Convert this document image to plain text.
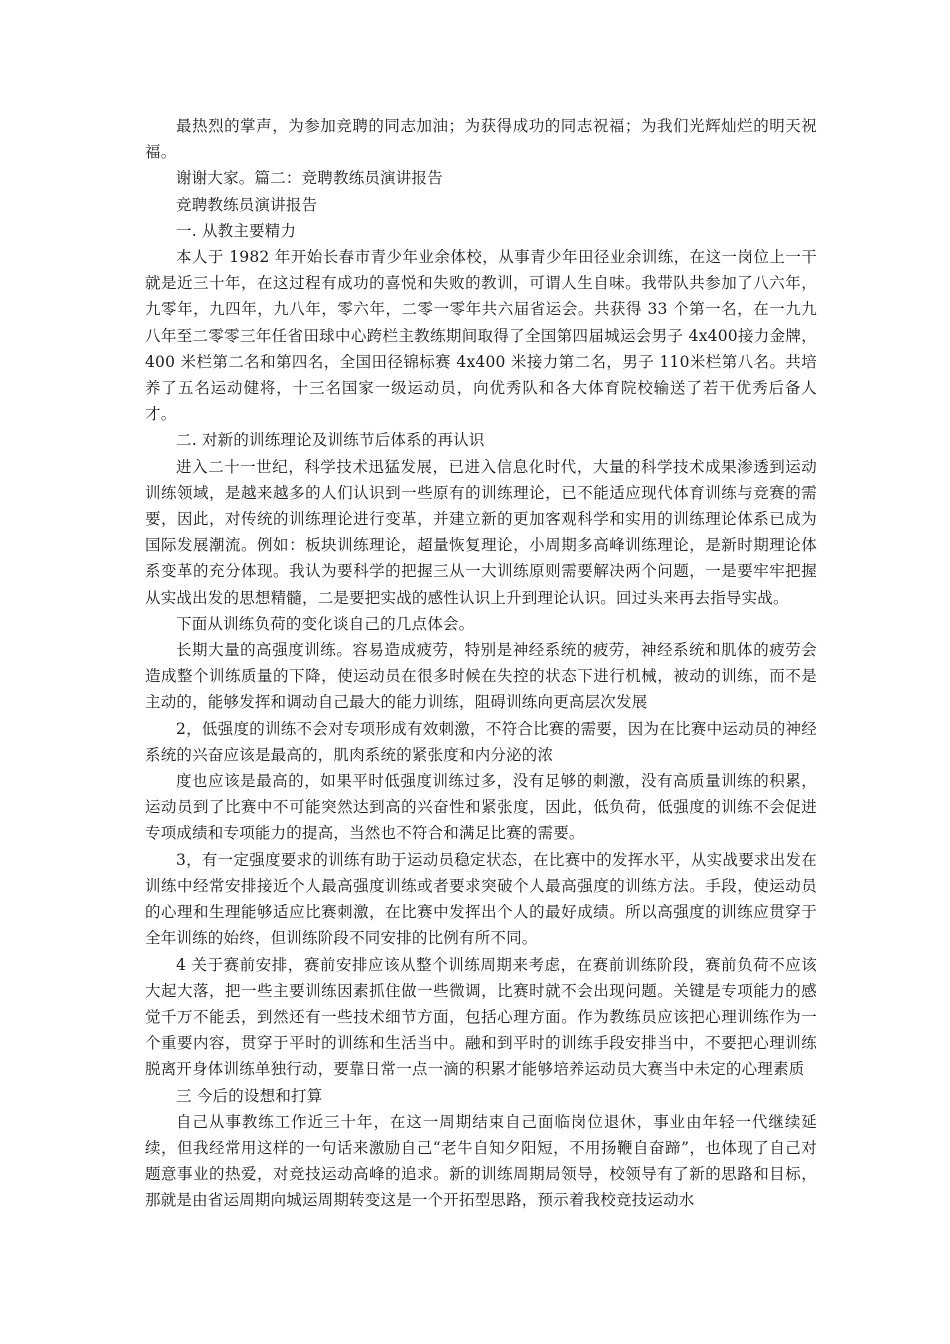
最热烈的掌声，为参加竞聘的同志加油；为获得成功的同志祝福；为我们光辉灿烂的明天祝福。

谢谢大家。篇二：竞聘教练员演讲报告

竞聘教练员演讲报告

一. 从教主要精力

本人于 1982 年开始长春市青少年业余体校，从事青少年田径业余训练，在这一岗位上一干就是近三十年，在这过程有成功的喜悦和失败的教训，可谓人生自味。我带队共参加了八六年，九零年，九四年，九八年，零六年，二零一零年共六届省运会。共获得 33 个第一名，在一九九八年至二零零三年任省田球中心跨栏主教练期间取得了全国第四届城运会男子 4x400接力金牌，400 米栏第二名和第四名，全国田径锦标赛 4x400 米接力第二名，男子 110米栏第八名。共培养了五名运动健将，十三名国家一级运动员，向优秀队和各大体育院校输送了若干优秀后备人才。

二. 对新的训练理论及训练节后体系的再认识

进入二十一世纪，科学技术迅猛发展，已进入信息化时代，大量的科学技术成果渗透到运动训练领域，是越来越多的人们认识到一些原有的训练理论，已不能适应现代体育训练与竞赛的需要，因此，对传统的训练理论进行变革，并建立新的更加客观科学和实用的训练理论体系已成为国际发展潮流。例如：板块训练理论，超量恢复理论，小周期多高峰训练理论，是新时期理论体系变革的充分体现。我认为要科学的把握三从一大训练原则需要解决两个问题，一是要牢牢把握从实战出发的思想精髓，二是要把实战的感性认识上升到理论认识。回过头来再去指导实战。

下面从训练负荷的变化谈自己的几点体会。

长期大量的高强度训练。容易造成疲劳，特别是神经系统的疲劳，神经系统和肌体的疲劳会造成整个训练质量的下降，使运动员在很多时候在失控的状态下进行机械，被动的训练，而不是主动的，能够发挥和调动自己最大的能力训练，阻碍训练向更高层次发展

2，低强度的训练不会对专项形成有效刺激，不符合比赛的需要，因为在比赛中运动员的神经系统的兴奋应该是最高的，肌肉系统的紧张度和内分泌的浓

度也应该是最高的，如果平时低强度训练过多，没有足够的刺激，没有高质量训练的积累，运动员到了比赛中不可能突然达到高的兴奋性和紧张度，因此，低负荷，低强度的训练不会促进专项成绩和专项能力的提高，当然也不符合和满足比赛的需要。

3，有一定强度要求的训练有助于运动员稳定状态，在比赛中的发挥水平，从实战要求出发在训练中经常安排接近个人最高强度训练或者要求突破个人最高强度的训练方法。手段，使运动员的心理和生理能够适应比赛刺激，在比赛中发挥出个人的最好成绩。所以高强度的训练应贯穿于全年训练的始终，但训练阶段不同安排的比例有所不同。

4 关于赛前安排，赛前安排应该从整个训练周期来考虑，在赛前训练阶段，赛前负荷不应该大起大落，把一些主要训练因素抓住做一些微调，比赛时就不会出现问题。关键是专项能力的感觉千万不能丢，到然还有一些技术细节方面，包括心理方面。作为教练员应该把心理训练作为一个重要内容，贯穿于平时的训练和生活当中。融和到平时的训练手段安排当中，不要把心理训练脱离开身体训练单独行动，要靠日常一点一滴的积累才能够培养运动员大赛当中未定的心理素质

三 今后的设想和打算

自己从事教练工作近三十年，在这一周期结束自己面临岗位退休，事业由年轻一代继续延续，但我经常用这样的一句话来激励自己“老牛自知夕阳短，不用扬鞭自奋蹄”，也体现了自己对题意事业的热爱，对竞技运动高峰的追求。新的训练周期局领导，校领导有了新的思路和目标，那就是由省运周期向城运周期转变这是一个开拓型思路，预示着我校竞技运动水
